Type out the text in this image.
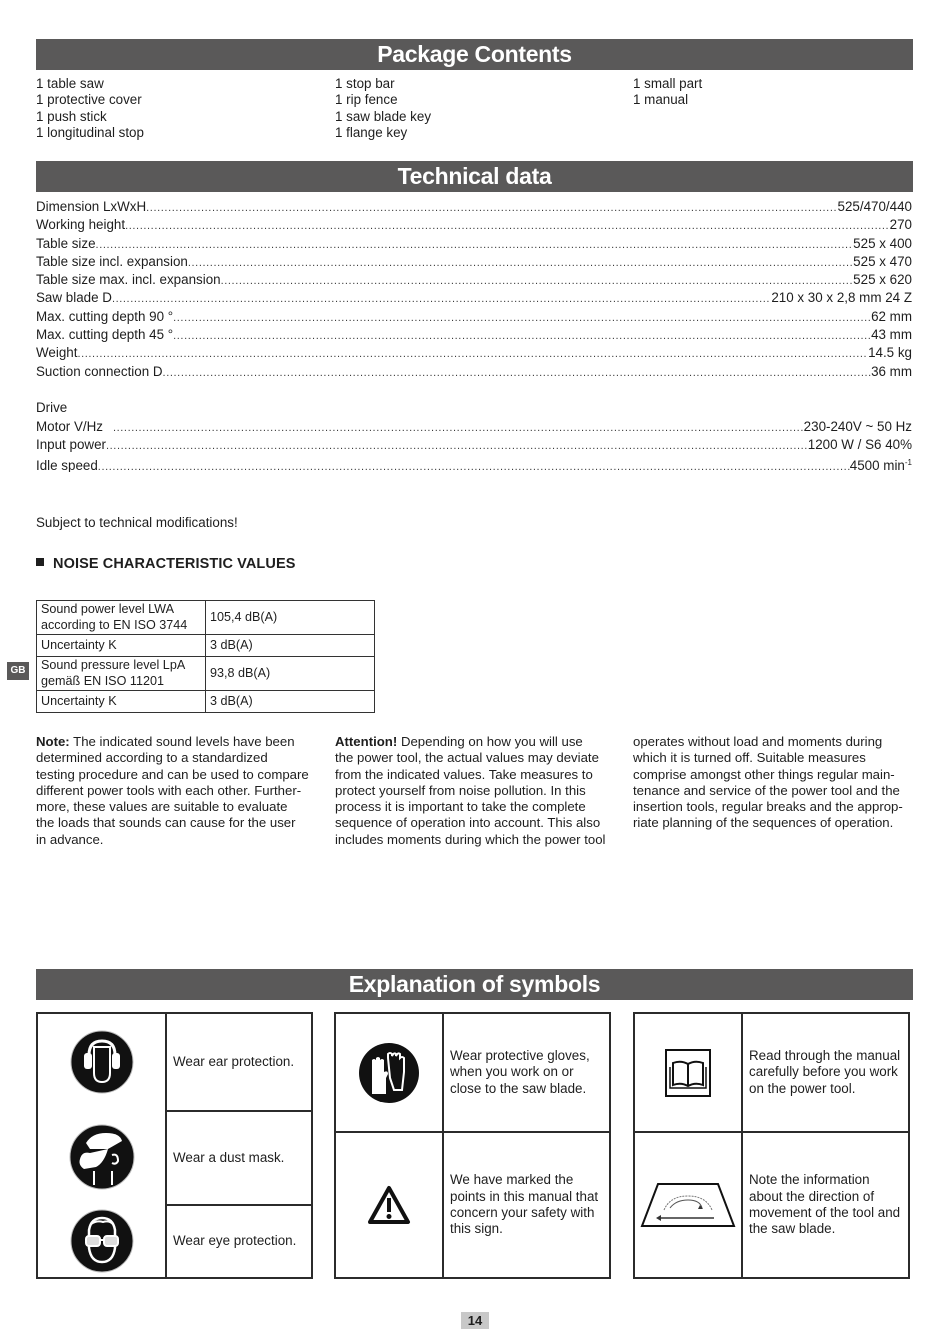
Package Contents
1 table saw
1 protective cover
1 push stick
1 longitudinal stop
1 stop bar
1 rip fence
1 saw blade key
1 flange key
1 small part
1 manual
Technical data
Dimension LxWxH .....	525/470/440
Working height .....	270
Table size .....	525 x 400
Table size incl. expansion .....	525 x 470
Table size max. incl. expansion .....	525 x 620
Saw blade D .....	210 x 30 x 2,8 mm 24 Z
Max. cutting depth 90 ° .....	62 mm
Max. cutting depth 45 ° .....	43 mm
Weight .....	14.5 kg
Suction connection D .....	36 mm
Drive
Motor V/Hz .....	230-240V ~ 50 Hz
Input power .....	1200 W / S6 40%
Idle speed .....	4500 $\min^{-1}$
Subject to technical modifications!
NOISE CHARACTERISTIC VALUES
Sound power level LWA
according to EN ISO 3744	105,4 dB(A)
Uncertainty K	3 dB(A)

Sound pressure level LpA
gemäß EN ISO 11201	93,8 dB(A)
Uncertainty K	3 dB(A)
GB
Note: The indicated sound levels have been
determined according to a standardized
testing procedure and can be used to compare
different power tools with each other. Further-
more, these values are suitable to evaluate
the loads that sounds can cause for the user
in advance.
Attention! Depending on how you will use
the power tool, the actual values may deviate
from the indicated values. Take measures to
protect yourself from noise pollution. In this
process it is important to take the complete
sequence of operation into account. This also
includes moments during which the power tool
operates without load and moments during
which it is turned off. Suitable measures
comprise amongst other things regular main-
tenance and service of the power tool and the
insertion tools, regular breaks and the approp-
riate planning of the sequences of operation.
Explanation of symbols
Wear ear protection.
Wear a dust mask.
Wear eye protection.
Wear protective gloves,
when you work on or
close to the saw blade.
We have marked the
points in this manual that
concern your safety with
this sign.
Read through the manual
carefully before you work
on the power tool.
Note the information
about the direction of
movement of the tool and
the saw blade.
14
